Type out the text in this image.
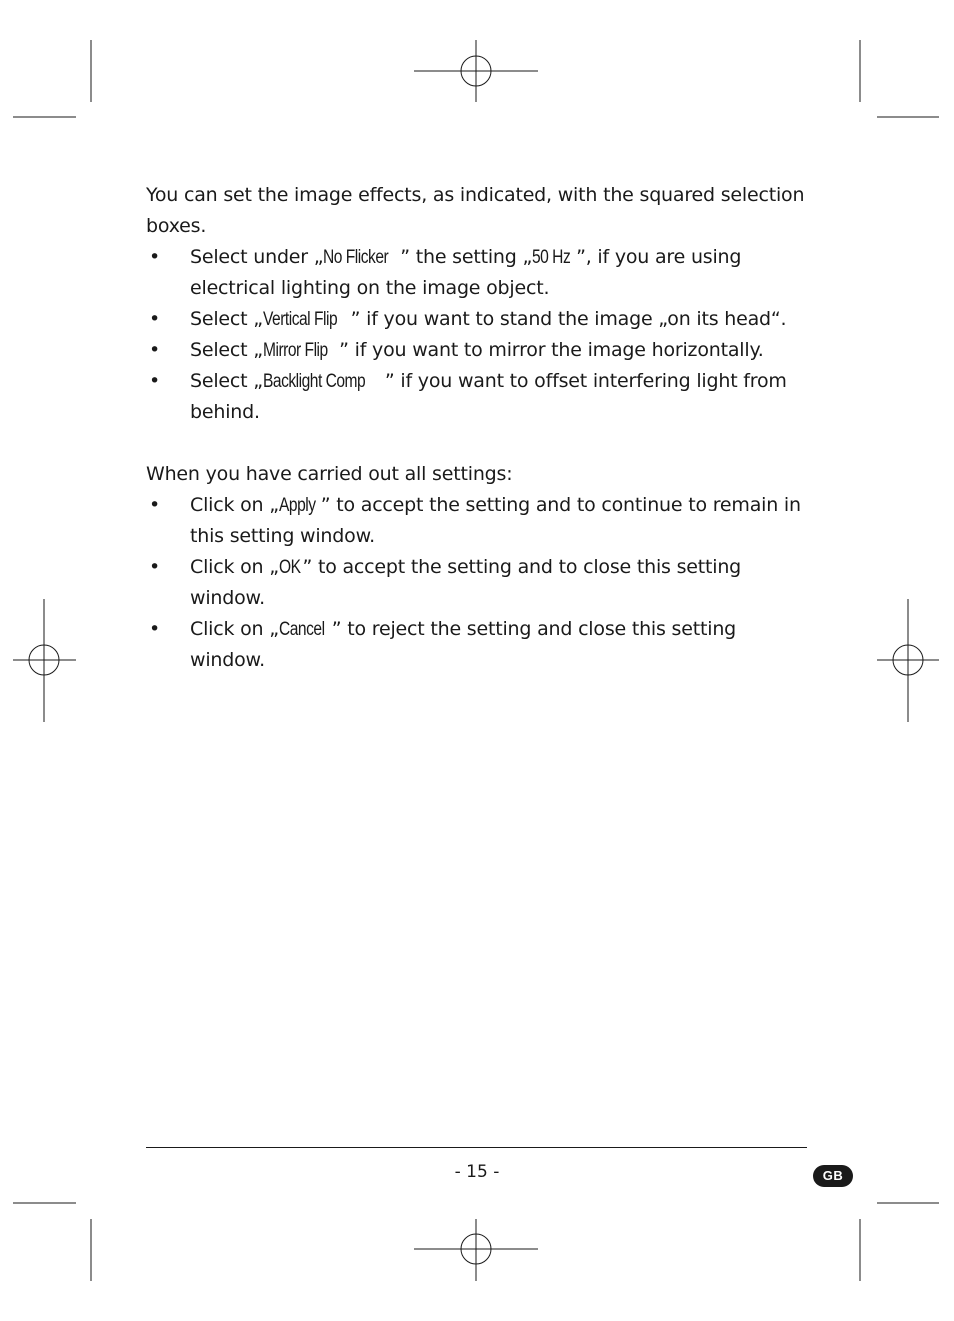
You can set the image effects, as indicated, with the squared selection boxes.

• Select under „No Flicker ” the setting „50 Hz ”, if you are using electrical lighting on the image object.
• Select „Vertical Flip ” if you want to stand the image „on its head“.
• Select „Mirror Flip ” if you want to mirror the image horizontally.
• Select „Backlight Comp ” if you want to offset interfering light from behind.

When you have carried out all settings:

• Click on „Apply ” to accept the setting and to continue to remain in this setting window.
• Click on „OK ” to accept the setting and to close this setting window.
• Click on „Cancel ” to reject the setting and close this setting window.
- 15 -	GB
